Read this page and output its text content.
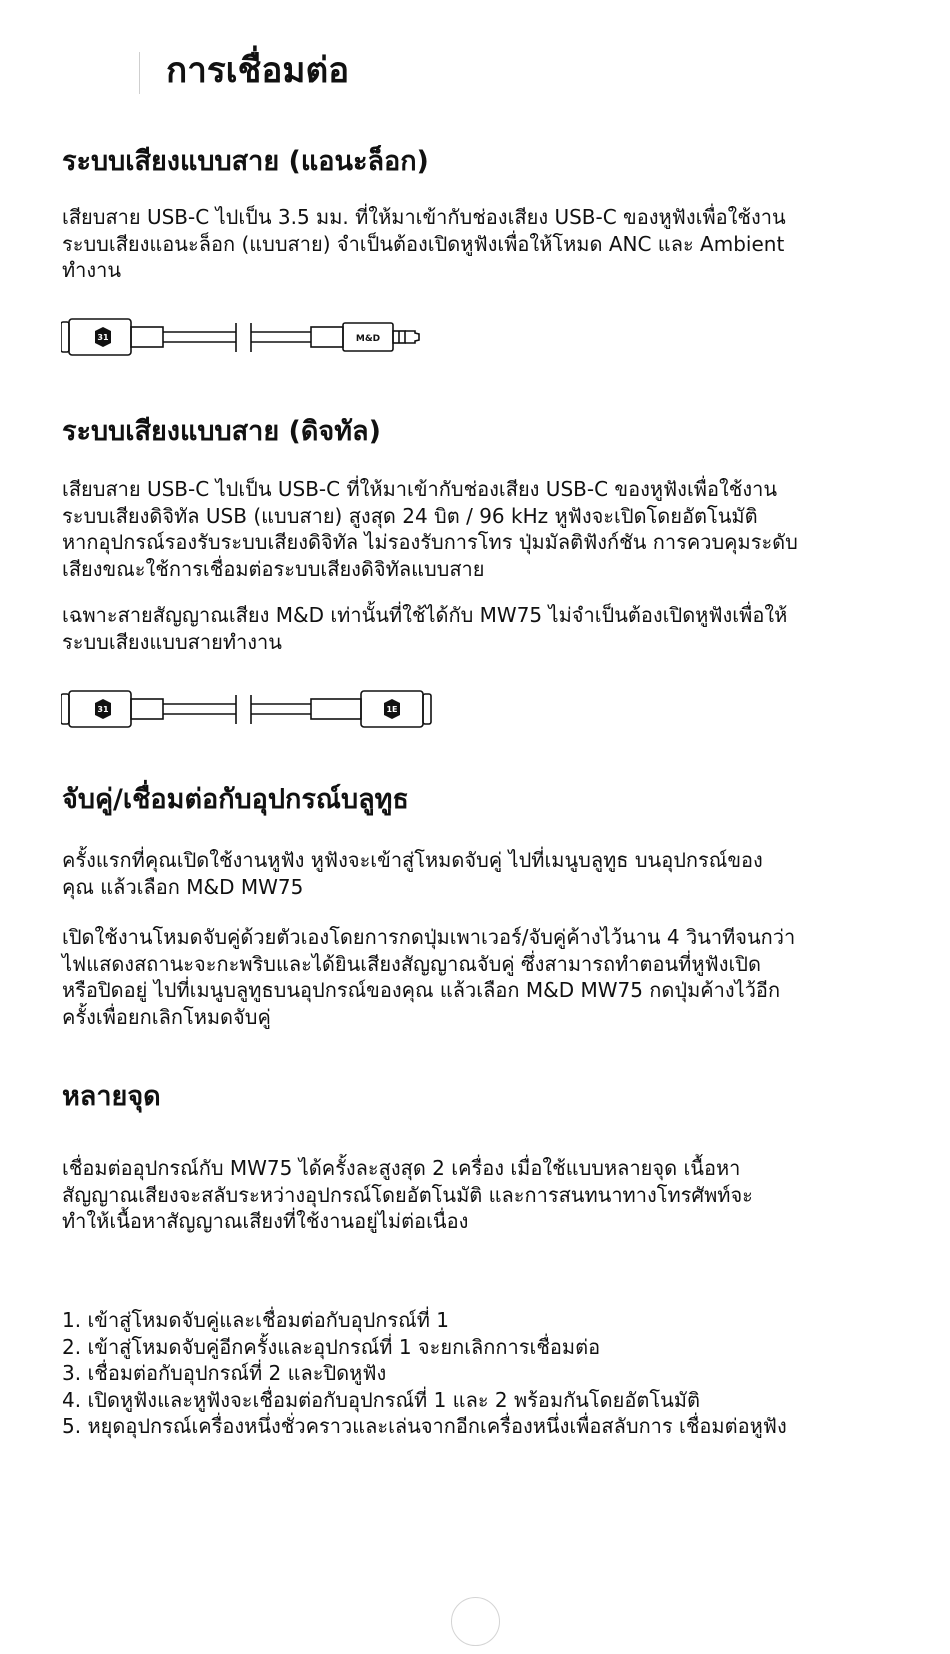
การเชื่อมต่อ
ระบบเสียงแบบสาย (แอนะล็อก)

เสียบสาย USB-C ไปเป็น 3.5 มม. ที่ให้มาเข้ากับช่องเสียง USB-C ของหูฟังเพื่อใช้งาน
ระบบเสียงแอนะล็อก (แบบสาย) จำเป็นต้องเปิดหูฟังเพื่อให้โหมด ANC และ Ambient
ทำงาน

31	M&D
ระบบเสียงแบบสาย (ดิจทัล)

เสียบสาย USB-C ไปเป็น USB-C ที่ให้มาเข้ากับช่องเสียง USB-C ของหูฟังเพื่อใช้งาน
ระบบเสียงดิจิทัล USB (แบบสาย) สูงสุด 24 บิต / 96 kHz หูฟังจะเปิดโดยอัตโนมัติ
หากอุปกรณ์รองรับระบบเสียงดิจิทัล ไม่รองรับการโทร ปุ่มมัลติฟังก์ชัน การควบคุมระดับ
เสียงขณะใช้การเชื่อมต่อระบบเสียงดิจิทัลแบบสาย

เฉพาะสายสัญญาณเสียง M&D เท่านั้นที่ใช้ได้กับ MW75 ไม่จำเป็นต้องเปิดหูฟังเพื่อให้
ระบบเสียงแบบสายทำงาน

31	1E
จับคู่/เชื่อมต่อกับอุปกรณ์บลูทูธ

ครั้งแรกที่คุณเปิดใช้งานหูฟัง หูฟังจะเข้าสู่โหมดจับคู่ ไปที่เมนูบลูทูธ บนอุปกรณ์ของ
คุณ แล้วเลือก M&D MW75

เปิดใช้งานโหมดจับคู่ด้วยตัวเองโดยการกดปุ่มเพาเวอร์/จับคู่ค้างไว้นาน 4 วินาทีจนกว่า
ไฟแสดงสถานะจะกะพริบและได้ยินเสียงสัญญาณจับคู่ ซึ่งสามารถทำตอนที่หูฟังเปิด
หรือปิดอยู่ ไปที่เมนูบลูทูธบนอุปกรณ์ของคุณ แล้วเลือก M&D MW75 กดปุ่มค้างไว้อีก
ครั้งเพื่อยกเลิกโหมดจับคู่

หลายจุด

เชื่อมต่ออุปกรณ์กับ MW75 ได้ครั้งละสูงสุด 2 เครื่อง เมื่อใช้แบบหลายจุด เนื้อหา
สัญญาณเสียงจะสลับระหว่างอุปกรณ์โดยอัตโนมัติ และการสนทนาทางโทรศัพท์จะ
ทำให้เนื้อหาสัญญาณเสียงที่ใช้งานอยู่ไม่ต่อเนื่อง

1. เข้าสู่โหมดจับคู่และเชื่อมต่อกับอุปกรณ์ที่ 1
2. เข้าสู่โหมดจับคู่อีกครั้งและอุปกรณ์ที่ 1 จะยกเลิกการเชื่อมต่อ
3. เชื่อมต่อกับอุปกรณ์ที่ 2 และปิดหูฟัง
4. เปิดหูฟังและหูฟังจะเชื่อมต่อกับอุปกรณ์ที่ 1 และ 2 พร้อมกันโดยอัตโนมัติ
5. หยุดอุปกรณ์เครื่องหนึ่งชั่วคราวและเล่นจากอีกเครื่องหนึ่งเพื่อสลับการ เชื่อมต่อหูฟัง
